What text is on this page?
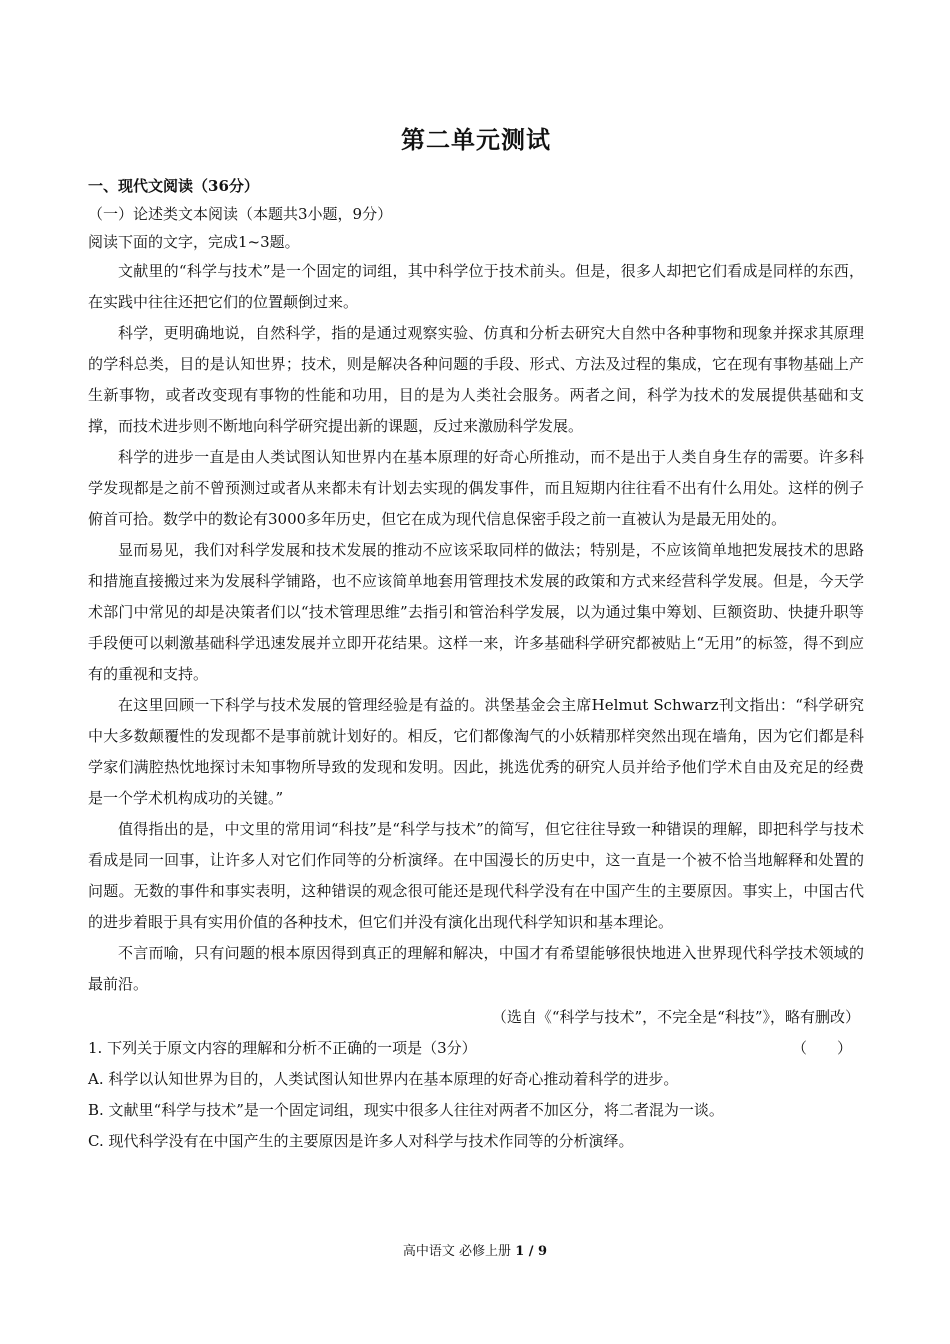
第二单元测试

一、现代文阅读（36分）

（一）论述类文本阅读（本题共3小题，9分）

阅读下面的文字，完成1~3题。

文献里的“科学与技术”是一个固定的词组，其中科学位于技术前头。但是，很多人却把它们看成是同样的东西，在实践中往往还把它们的位置颠倒过来。

科学，更明确地说，自然科学，指的是通过观察实验、仿真和分析去研究大自然中各种事物和现象并探求其原理的学科总类，目的是认知世界；技术，则是解决各种问题的手段、形式、方法及过程的集成，它在现有事物基础上产生新事物，或者改变现有事物的性能和功用，目的是为人类社会服务。两者之间，科学为技术的发展提供基础和支撑，而技术进步则不断地向科学研究提出新的课题，反过来激励科学发展。

科学的进步一直是由人类试图认知世界内在基本原理的好奇心所推动，而不是出于人类自身生存的需要。许多科学发现都是之前不曾预测过或者从来都未有计划去实现的偶发事件，而且短期内往往看不出有什么用处。这样的例子俯首可拾。数学中的数论有3000多年历史，但它在成为现代信息保密手段之前一直被认为是最无用处的。

显而易见，我们对科学发展和技术发展的推动不应该采取同样的做法；特别是，不应该简单地把发展技术的思路和措施直接搬过来为发展科学铺路，也不应该简单地套用管理技术发展的政策和方式来经营科学发展。但是，今天学术部门中常见的却是决策者们以“技术管理思维”去指引和管治科学发展，以为通过集中筹划、巨额资助、快捷升职等手段便可以刺激基础科学迅速发展并立即开花结果。这样一来，许多基础科学研究都被贴上“无用”的标签，得不到应有的重视和支持。

在这里回顾一下科学与技术发展的管理经验是有益的。洪堡基金会主席Helmut Schwarz刊文指出：“科学研究中大多数颠覆性的发现都不是事前就计划好的。相反，它们都像淘气的小妖精那样突然出现在墙角，因为它们都是科学家们满腔热忱地探讨未知事物所导致的发现和发明。因此，挑选优秀的研究人员并给予他们学术自由及充足的经费是一个学术机构成功的关键。”

值得指出的是，中文里的常用词“科技”是“科学与技术”的简写，但它往往导致一种错误的理解，即把科学与技术看成是同一回事，让许多人对它们作同等的分析演绎。在中国漫长的历史中，这一直是一个被不恰当地解释和处置的问题。无数的事件和事实表明，这种错误的观念很可能还是现代科学没有在中国产生的主要原因。事实上，中国古代的进步着眼于具有实用价值的各种技术，但它们并没有演化出现代科学知识和基本理论。

不言而喻，只有问题的根本原因得到真正的理解和解决，中国才有希望能够很快地进入世界现代科学技术领域的最前沿。

（选自《“科学与技术”，不完全是“科技”》，略有删改）

1. 下列关于原文内容的理解和分析不正确的一项是（3分）	（　　）

A. 科学以认知世界为目的，人类试图认知世界内在基本原理的好奇心推动着科学的进步。

B. 文献里“科学与技术”是一个固定词组，现实中很多人往往对两者不加区分，将二者混为一谈。

C. 现代科学没有在中国产生的主要原因是许多人对科学与技术作同等的分析演绎。

高中语文 必修上册 1 / 9
